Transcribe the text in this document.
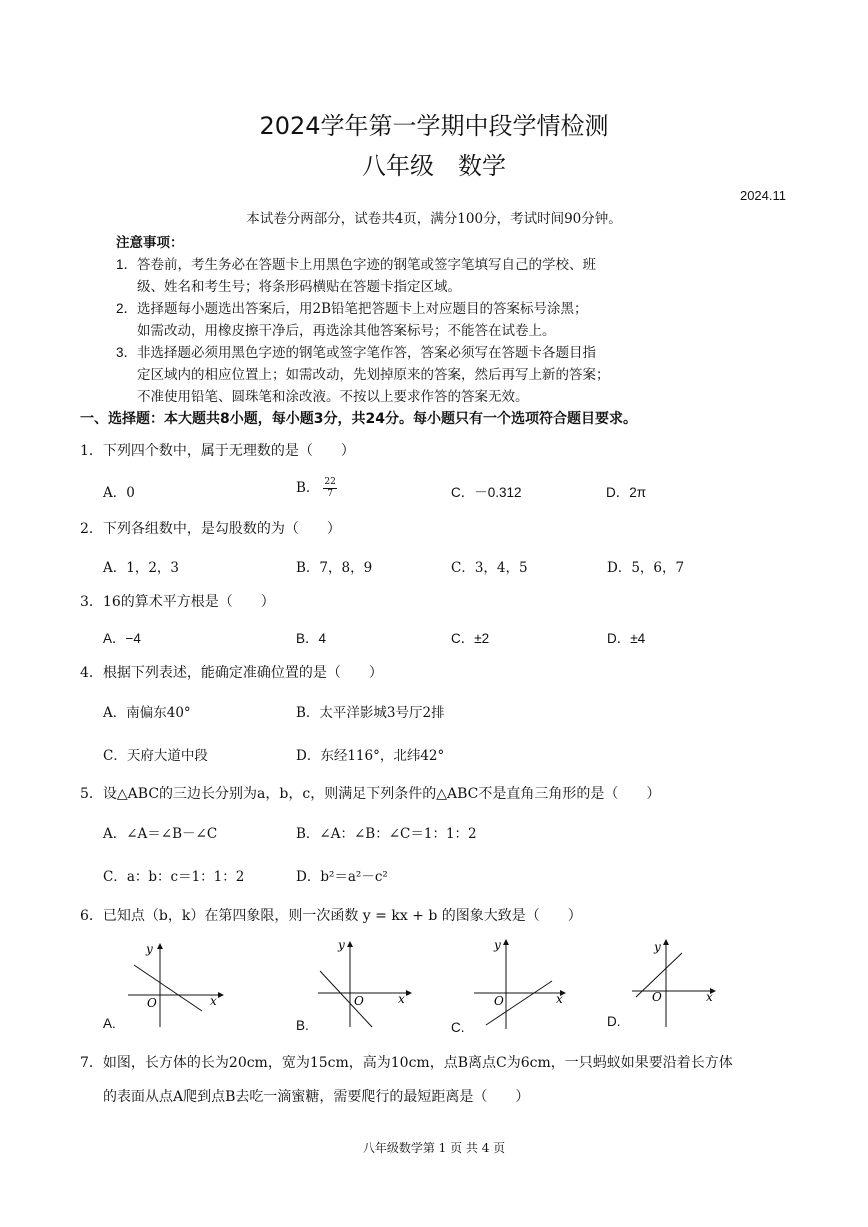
2024学年第一学期中段学情检测
八年级　数学
2024.11
本试卷分两部分，试卷共4页，满分100分，考试时间90分钟。
注意事项：
1．答卷前，考生务必在答题卡上用黑色字迹的钢笔或签字笔填写自己的学校、班
级、姓名和考生号；将条形码横贴在答题卡指定区域。
2．选择题每小题选出答案后，用2B铅笔把答题卡上对应题目的答案标号涂黑；
如需改动，用橡皮擦干净后，再选涂其他答案标号；不能答在试卷上。
3．非选择题必须用黑色字迹的钢笔或签字笔作答，答案必须写在答题卡各题目指
定区域内的相应位置上；如需改动，先划掉原来的答案，然后再写上新的答案；
不准使用铅笔、圆珠笔和涂改液。不按以上要求作答的答案无效。
一、选择题：本大题共8小题，每小题3分，共24分。每小题只有一个选项符合题目要求。
1．下列四个数中，属于无理数的是（　　）
A．0	B． $\frac{22}{7}$	C．－0.312	D．2π
2．下列各组数中，是勾股数的为（　　）
A．1，2，3	B．7，8，9	C．3，4，5	D．5，6，7
3．16的算术平方根是（　　）
A．−4	B．4	C．±2	D．±4
4．根据下列表述，能确定准确位置的是（　　）
A．南偏东40°	B．太平洋影城3号厅2排
C．天府大道中段	D．东经116°，北纬42°
5．设△ABC的三边长分别为a，b，c，则满足下列条件的△ABC不是直角三角形的是（　　）
A．∠A＝∠B－∠C	B．∠A：∠B：∠C＝1：1：2
C．a：b：c＝1：1：2	D．b²＝a²－c²
6．已知点（b，k）在第四象限，则一次函数 y = kx + b 的图象大致是（　　）
y
x
O
A.
y
x
O
B.
y
x
O
C.
y
x
O
D.
7．如图，长方体的长为20cm，宽为15cm，高为10cm，点B离点C为6cm，一只蚂蚁如果要沿着长方体
的表面从点A爬到点B去吃一滴蜜糖，需要爬行的最短距离是（　　）
八年级数学第 1 页 共 4 页
